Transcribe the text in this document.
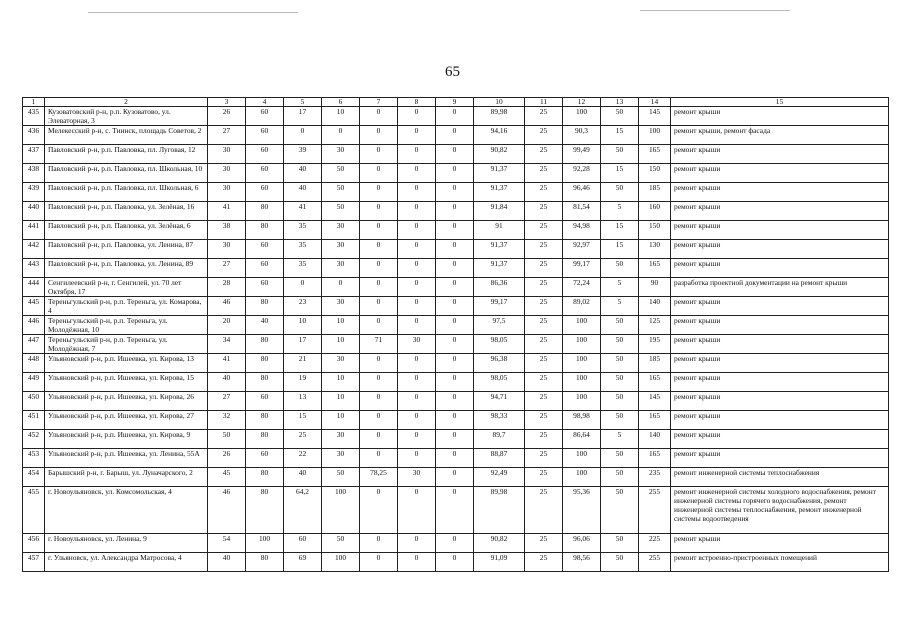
65
1	2	3	4	5	6	7	8	9	10	11	12	13	14	15
435	Кузоватовский р-н, р.п. Кузоватово, ул. Элеваторная, 3	26	60	17	10	0	0	0	89,98	25	100	50	145	ремонт крыши
436	Мелекесский р-н, с. Тиинск, площадь Советов, 2	27	60	0	0	0	0	0	94,16	25	90,3	15	100	ремонт крыши, ремонт фасада
437	Павловский р-н, р.п. Павловка, пл. Луговая, 12	30	60	39	30	0	0	0	90,82	25	99,49	50	165	ремонт крыши
438	Павловский р-н, р.п. Павловка, пл. Школьная, 10	30	60	40	50	0	0	0	91,37	25	92,28	15	150	ремонт крыши
439	Павловский р-н, р.п. Павловка, пл. Школьная, 6	30	60	40	50	0	0	0	91,37	25	96,46	50	185	ремонт крыши
440	Павловский р-н, р.п. Павловка, ул. Зелёная, 16	41	80	41	50	0	0	0	91,84	25	81,54	5	160	ремонт крыши
441	Павловский р-н, р.п. Павловка, ул. Зелёная, 6	38	80	35	30	0	0	0	91	25	94,98	15	150	ремонт крыши
442	Павловский р-н, р.п. Павловка, ул. Ленина, 87	30	60	35	30	0	0	0	91,37	25	92,97	15	130	ремонт крыши
443	Павловский р-н, р.п. Павловка, ул. Ленина, 89	27	60	35	30	0	0	0	91,37	25	99,17	50	165	ремонт крыши
444	Сенгилеевский р-н, г. Сенгилей, ул. 70 лет Октября, 17	28	60	0	0	0	0	0	86,36	25	72,24	5	90	разработка проектной документации на ремонт крыши
445	Тереньгульский р-н, р.п. Тереньга, ул. Комарова, 4	46	80	23	30	0	0	0	99,17	25	89,02	5	140	ремонт крыши
446	Тереньгульский р-н, р.п. Тереньга, ул. Молодёжная, 10	20	40	10	10	0	0	0	97,5	25	100	50	125	ремонт крыши
447	Тереньгульский р-н, р.п. Тереньга, ул. Молодёжная, 7	34	80	17	10	71	30	0	98,05	25	100	50	195	ремонт крыши
448	Ульяновский р-н, р.п. Ишеевка, ул. Кирова, 13	41	80	21	30	0	0	0	96,38	25	100	50	185	ремонт крыши
449	Ульяновский р-н, р.п. Ишеевка, ул. Кирова, 15	40	80	19	10	0	0	0	98,05	25	100	50	165	ремонт крыши
450	Ульяновский р-н, р.п. Ишеевка, ул. Кирова, 26	27	60	13	10	0	0	0	94,71	25	100	50	145	ремонт крыши
451	Ульяновский р-н, р.п. Ишеевка, ул. Кирова, 27	32	80	15	10	0	0	0	98,33	25	98,98	50	165	ремонт крыши
452	Ульяновский р-н, р.п. Ишеевка, ул. Кирова, 9	50	80	25	30	0	0	0	89,7	25	86,64	5	140	ремонт крыши
453	Ульяновский р-н, р.п. Ишеевка, ул. Ленина, 55А	26	60	22	30	0	0	0	88,87	25	100	50	165	ремонт крыши
454	Барышский р-н, г. Барыш, ул. Луначарского, 2	45	80	40	50	78,25	30	0	92,49	25	100	50	235	ремонт инженерной системы теплоснабжения
455	г. Новоульяновск, ул. Комсомольская, 4	46	80	64,2	100	0	0	0	89,98	25	95,36	50	255	ремонт инженерной системы холодного водоснабжения, ремонт инженерной системы горячего водоснабжения, ремонт инженерной системы теплоснабжения, ремонт инженерной системы водоотведения
456	г. Новоульяновск, ул. Ленина, 9	54	100	60	50	0	0	0	90,82	25	96,06	50	225	ремонт крыши
457	г. Ульяновск, ул. Александра Матросова, 4	40	80	69	100	0	0	0	91,09	25	98,56	50	255	ремонт встроенно-пристроенных помещений
